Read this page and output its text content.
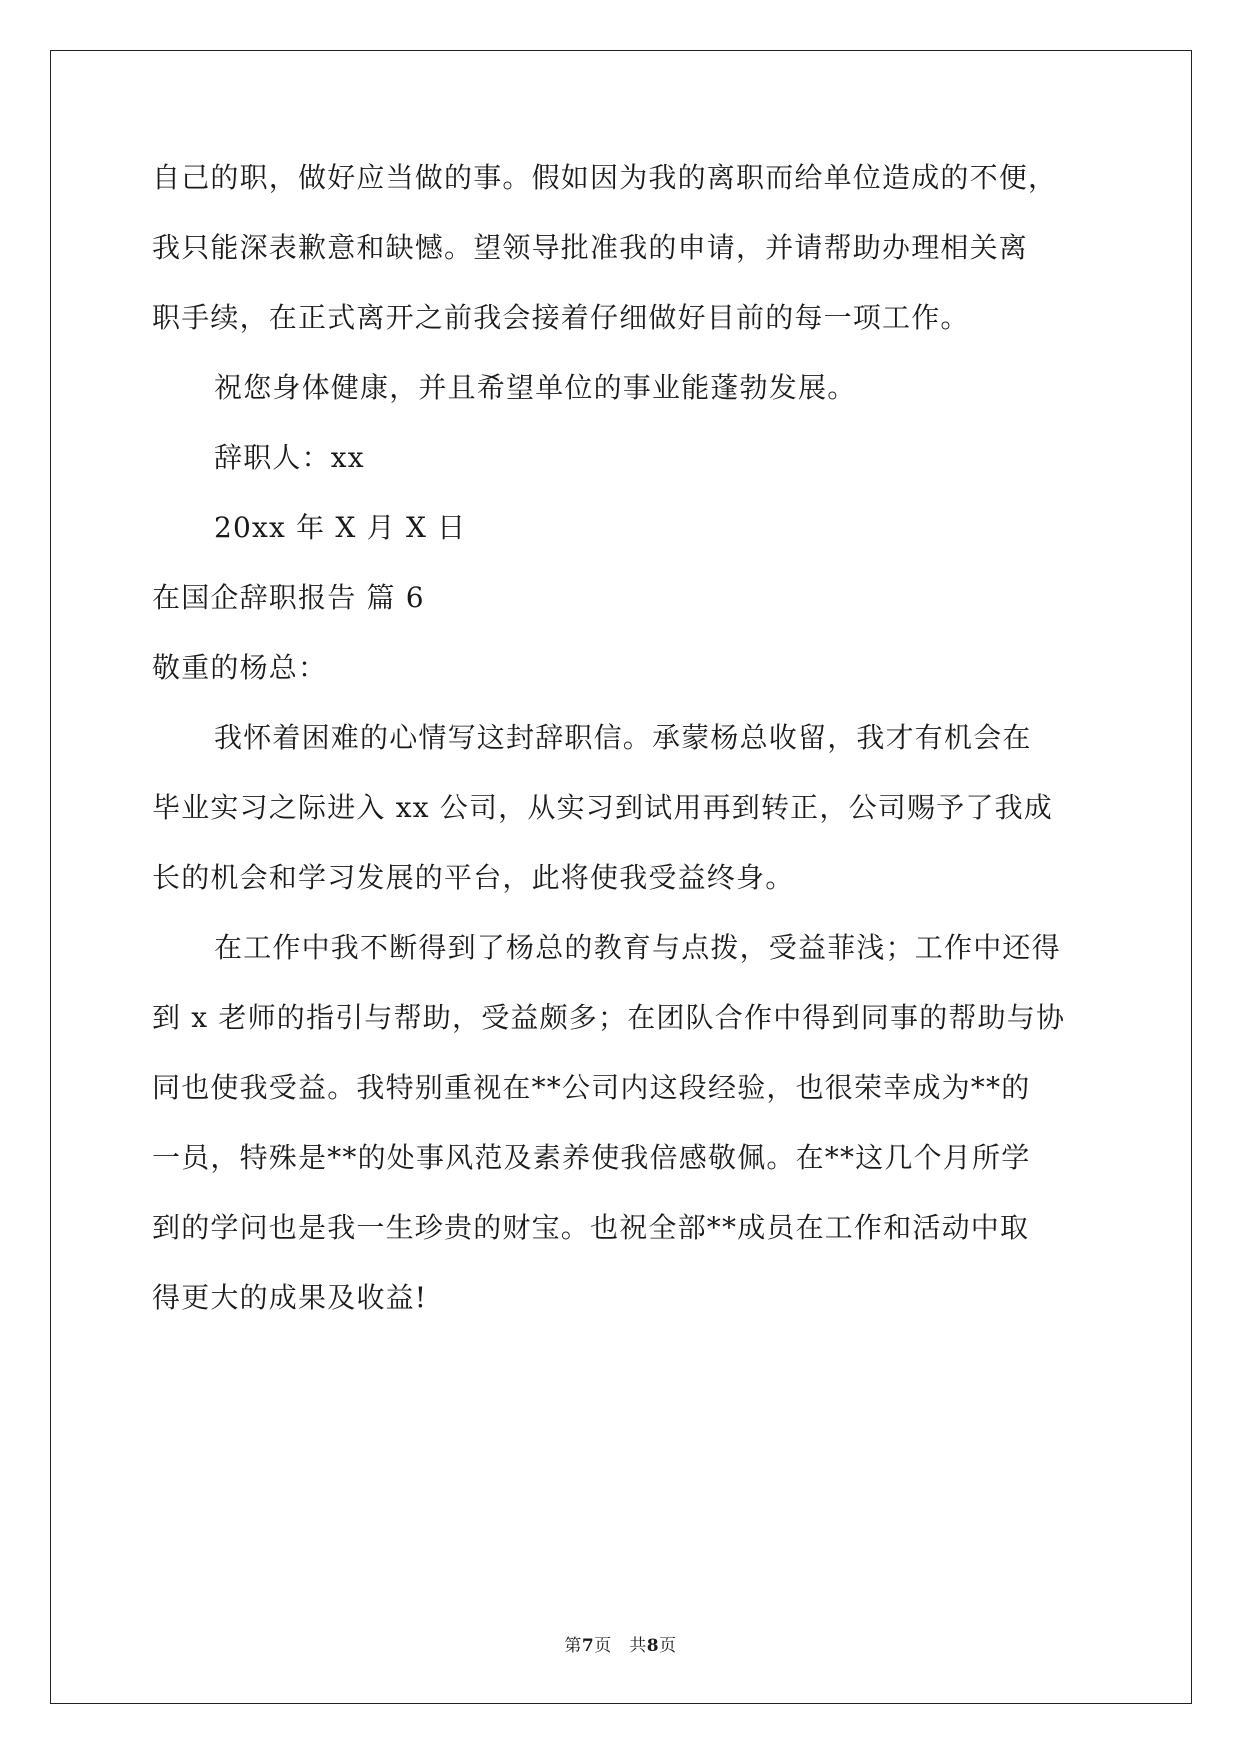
自己的职，做好应当做的事。假如因为我的离职而给单位造成的不便，
我只能深表歉意和缺憾。望领导批准我的申请，并请帮助办理相关离
职手续，在正式离开之前我会接着仔细做好目前的每一项工作。
祝您身体健康，并且希望单位的事业能蓬勃发展。
辞职人：xx
20xx 年 X 月 X 日
在国企辞职报告 篇 6
敬重的杨总：
我怀着困难的心情写这封辞职信。承蒙杨总收留，我才有机会在
毕业实习之际进入 xx 公司，从实习到试用再到转正，公司赐予了我成
长的机会和学习发展的平台，此将使我受益终身。
在工作中我不断得到了杨总的教育与点拨，受益菲浅；工作中还得
到 x 老师的指引与帮助，受益颇多；在团队合作中得到同事的帮助与协
同也使我受益。我特别重视在**公司内这段经验，也很荣幸成为**的
一员，特殊是**的处事风范及素养使我倍感敬佩。在**这几个月所学
到的学问也是我一生珍贵的财宝。也祝全部**成员在工作和活动中取
得更大的成果及收益!
第7页　共8页
